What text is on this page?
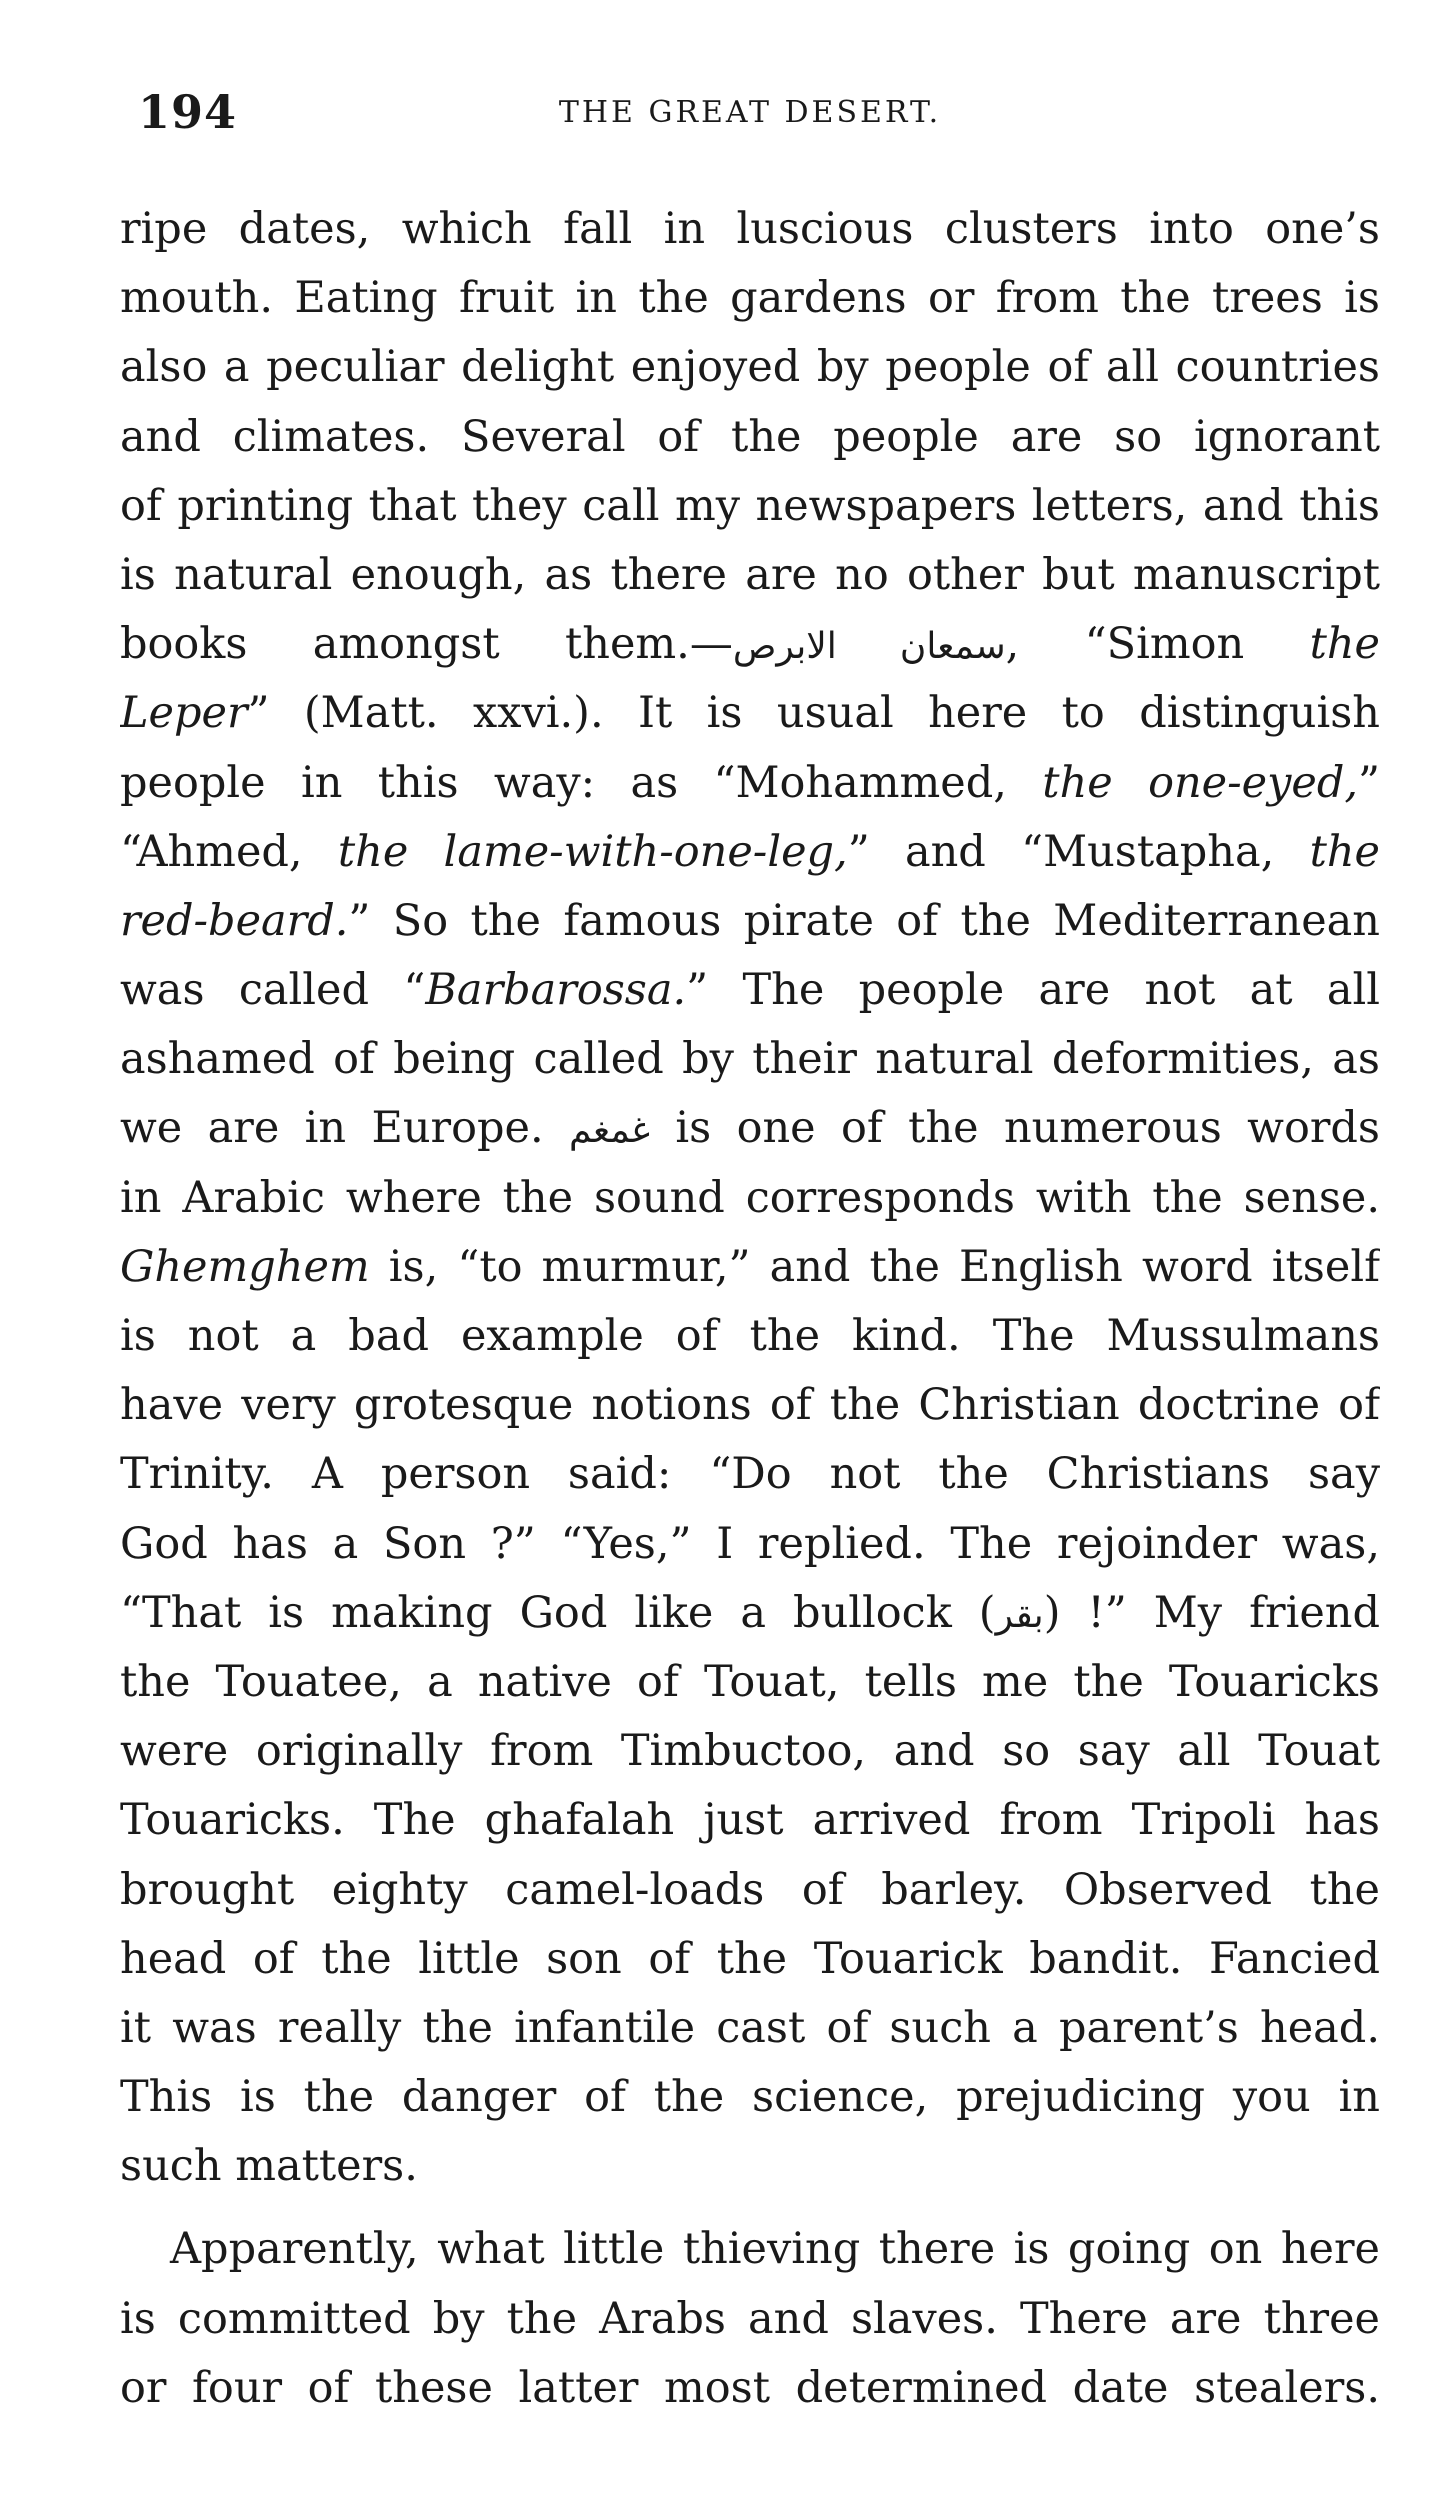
194	THE GREAT DESERT.
ripe dates, which fall in luscious clusters into one’s
mouth. Eating fruit in the gardens or from the trees is
also a peculiar delight enjoyed by people of all countries
and climates. Several of the people are so ignorant
of printing that they call my newspapers letters, and this
is natural enough, as there are no other but manuscript
books amongst them.—سمعان الابرص, “Simon the
Leper” (Matt. xxvi.). It is usual here to distinguish
people in this way: as “Mohammed, the one-eyed,”
“Ahmed, the lame-with-one-leg,” and “Mustapha, the
red-beard.” So the famous pirate of the Mediterranean
was called “Barbarossa.” The people are not at all
ashamed of being called by their natural deformities, as
we are in Europe. غمغم is one of the numerous words
in Arabic where the sound corresponds with the sense.
Ghemghem is, “to murmur,” and the English word itself
is not a bad example of the kind. The Mussulmans
have very grotesque notions of the Christian doctrine of
Trinity. A person said: “Do not the Christians say
God has a Son ?” “Yes,” I replied. The rejoinder was,
“That is making God like a bullock (بقر) !” My friend
the Touatee, a native of Touat, tells me the Touaricks
were originally from Timbuctoo, and so say all Touat
Touaricks. The ghafalah just arrived from Tripoli has
brought eighty camel-loads of barley. Observed the
head of the little son of the Touarick bandit. Fancied
it was really the infantile cast of such a parent’s head.
This is the danger of the science, prejudicing you in
such matters.
Apparently, what little thieving there is going on here
is committed by the Arabs and slaves. There are three
or four of these latter most determined date stealers.
